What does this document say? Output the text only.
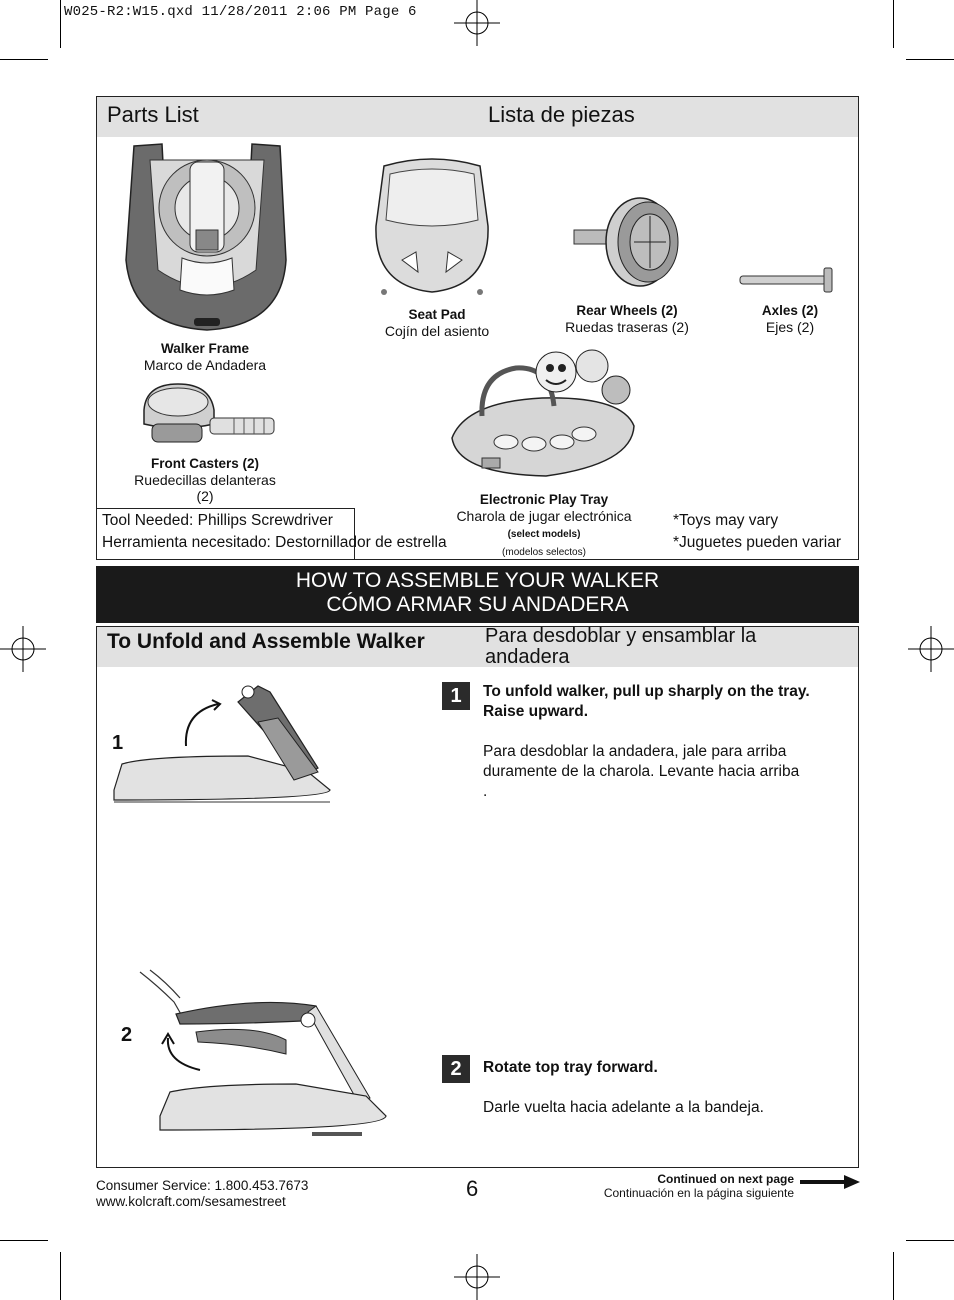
W025-R2:W15.qxd 11/28/2011 2:06 PM Page 6
Parts List	Lista de piezas
Walker Frame
Marco de Andadera
Seat Pad
Cojín del asiento
Rear Wheels (2)
Ruedas traseras (2)
Axles (2)
Ejes (2)
Front Casters (2)
Ruedecillas delanteras
(2)	Electronic Play Tray
Charola de jugar electrónica
(select models)
(modelos selectos)
Tool Needed: Phillips Screwdriver
Herramienta necesitado: Destornillador de estrella
*Toys may vary
*Juguetes pueden variar
HOW TO ASSEMBLE YOUR WALKER
CÓMO ARMAR SU ANDADERA
To Unfold and Assemble Walker	Para desdoblar y ensamblar la andadera
1
1	To unfold walker, pull up sharply on the tray. Raise upward.

Para desdoblar la andadera, jale para arriba duramente de la charola. Levante hacia arriba
.
2
2	Rotate top tray forward.

Darle vuelta hacia adelante a la bandeja.
Consumer Service: 1.800.453.7673
www.kolcraft.com/sesamestreet
6	Continued on next page
Continuación en la página siguiente
